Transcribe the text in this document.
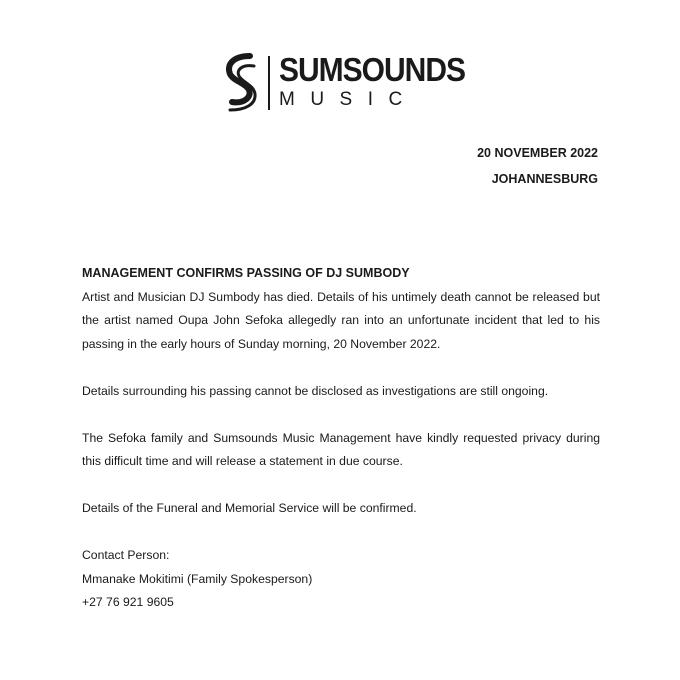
SUMSOUNDS
MUSIC
20 NOVEMBER 2022
JOHANNESBURG
MANAGEMENT CONFIRMS PASSING OF DJ SUMBODY

Artist and Musician DJ Sumbody has died. Details of his untimely death cannot be released but the artist named Oupa John Sefoka allegedly ran into an unfortunate incident that led to his passing in the early hours of Sunday morning, 20 November 2022.

Details surrounding his passing cannot be disclosed as investigations are still ongoing.

The Sefoka family and Sumsounds Music Management have kindly requested privacy during this difficult time and will release a statement in due course.

Details of the Funeral and Memorial Service will be confirmed.

Contact Person:
Mmanake Mokitimi (Family Spokesperson)
+27 76 921 9605
